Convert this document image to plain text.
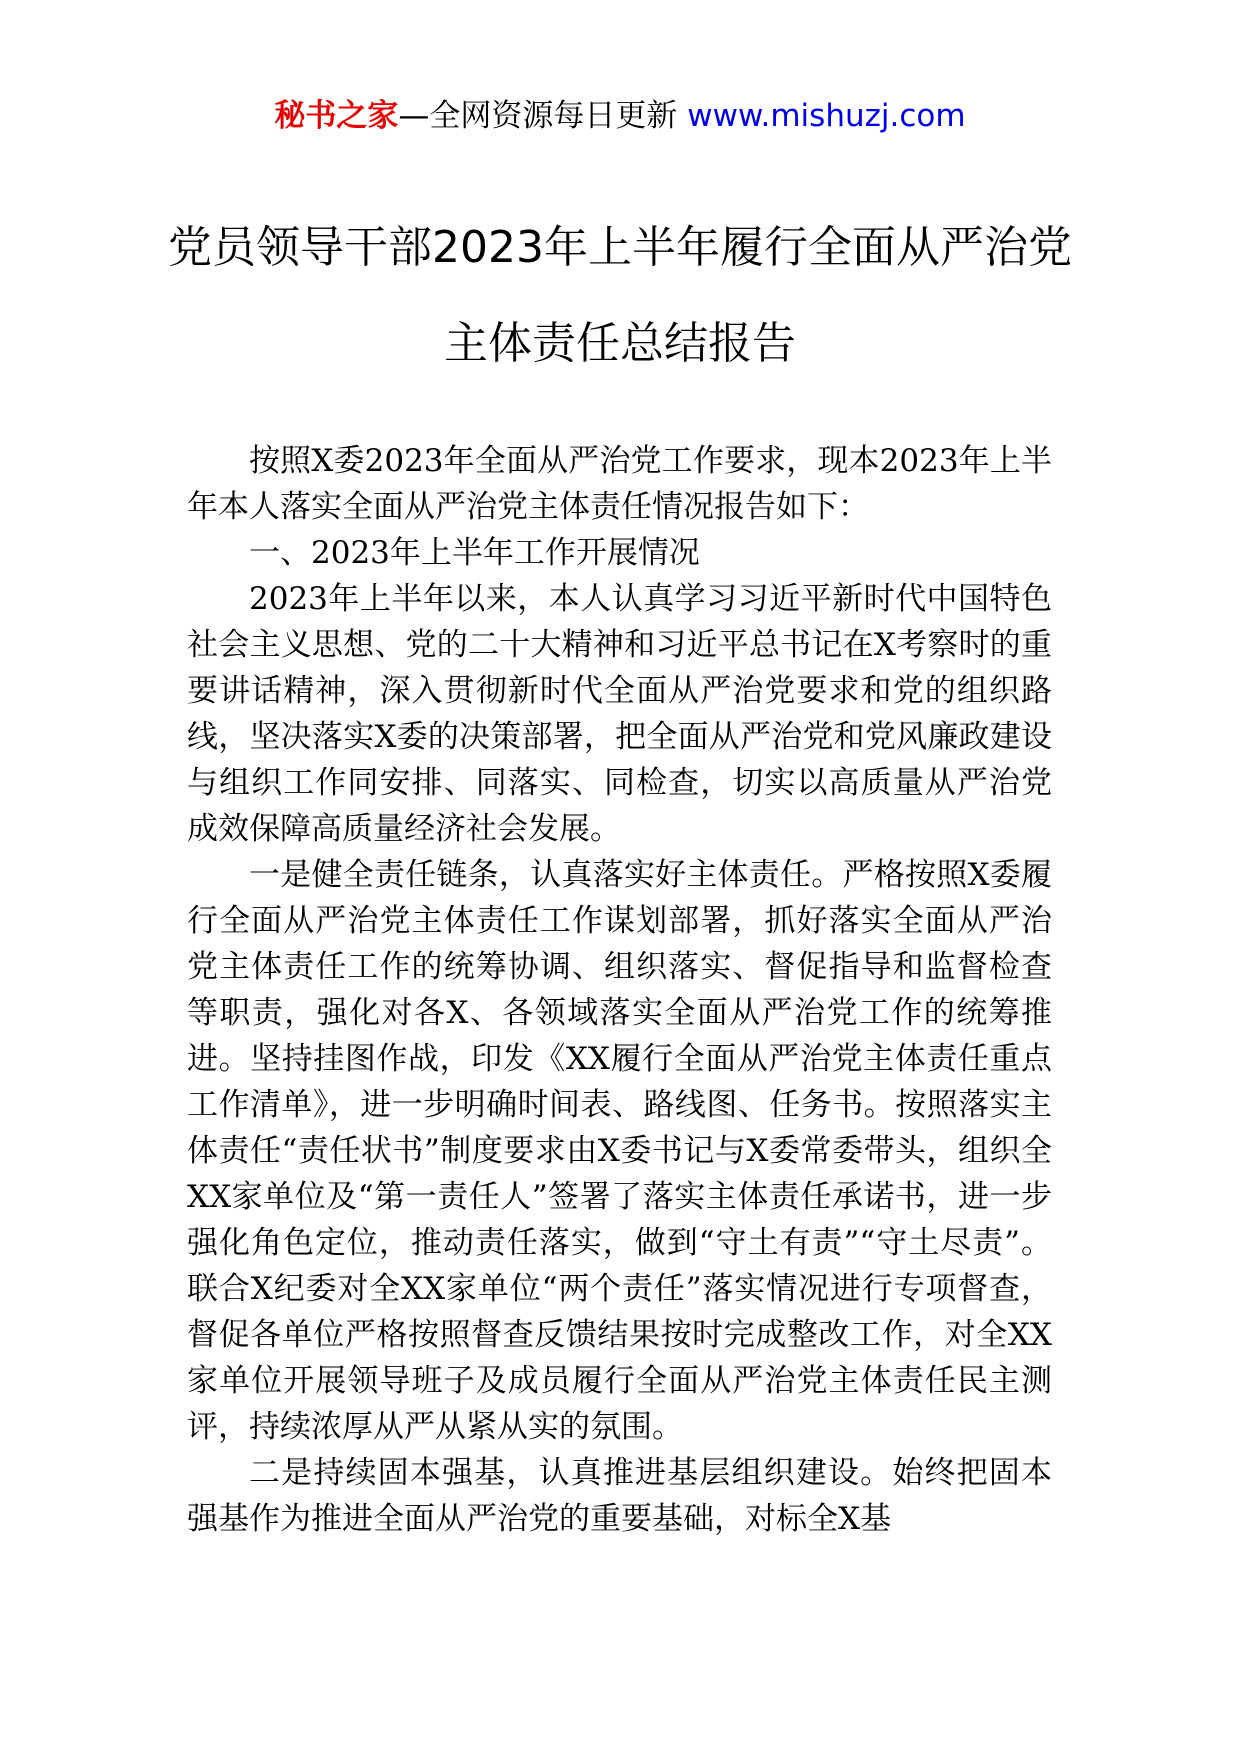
秘书之家—全网资源每日更新 www.mishuzj.com
党员领导干部2023年上半年履行全面从严治党主体责任总结报告

按照X委2023年全面从严治党工作要求，现本2023年上半年本人落实全面从严治党主体责任情况报告如下：

一、2023年上半年工作开展情况

2023年上半年以来，本人认真学习习近平新时代中国特色社会主义思想、党的二十大精神和习近平总书记在X考察时的重要讲话精神，深入贯彻新时代全面从严治党要求和党的组织路线，坚决落实X委的决策部署，把全面从严治党和党风廉政建设与组织工作同安排、同落实、同检查，切实以高质量从严治党成效保障高质量经济社会发展。

一是健全责任链条，认真落实好主体责任。严格按照X委履行全面从严治党主体责任工作谋划部署，抓好落实全面从严治党主体责任工作的统筹协调、组织落实、督促指导和监督检查等职责，强化对各X、各领域落实全面从严治党工作的统筹推进。坚持挂图作战，印发《XX履行全面从严治党主体责任重点工作清单》，进一步明确时间表、路线图、任务书。按照落实主体责任“责任状书”制度要求由X委书记与X委常委带头，组织全XX家单位及“第一责任人”签署了落实主体责任承诺书，进一步强化角色定位，推动责任落实，做到“守土有责”“守土尽责”。联合X纪委对全XX家单位“两个责任”落实情况进行专项督查，督促各单位严格按照督查反馈结果按时完成整改工作，对全XX家单位开展领导班子及成员履行全面从严治党主体责任民主测评，持续浓厚从严从紧从实的氛围。

二是持续固本强基，认真推进基层组织建设。始终把固本强基作为推进全面从严治党的重要基础，对标全X基
